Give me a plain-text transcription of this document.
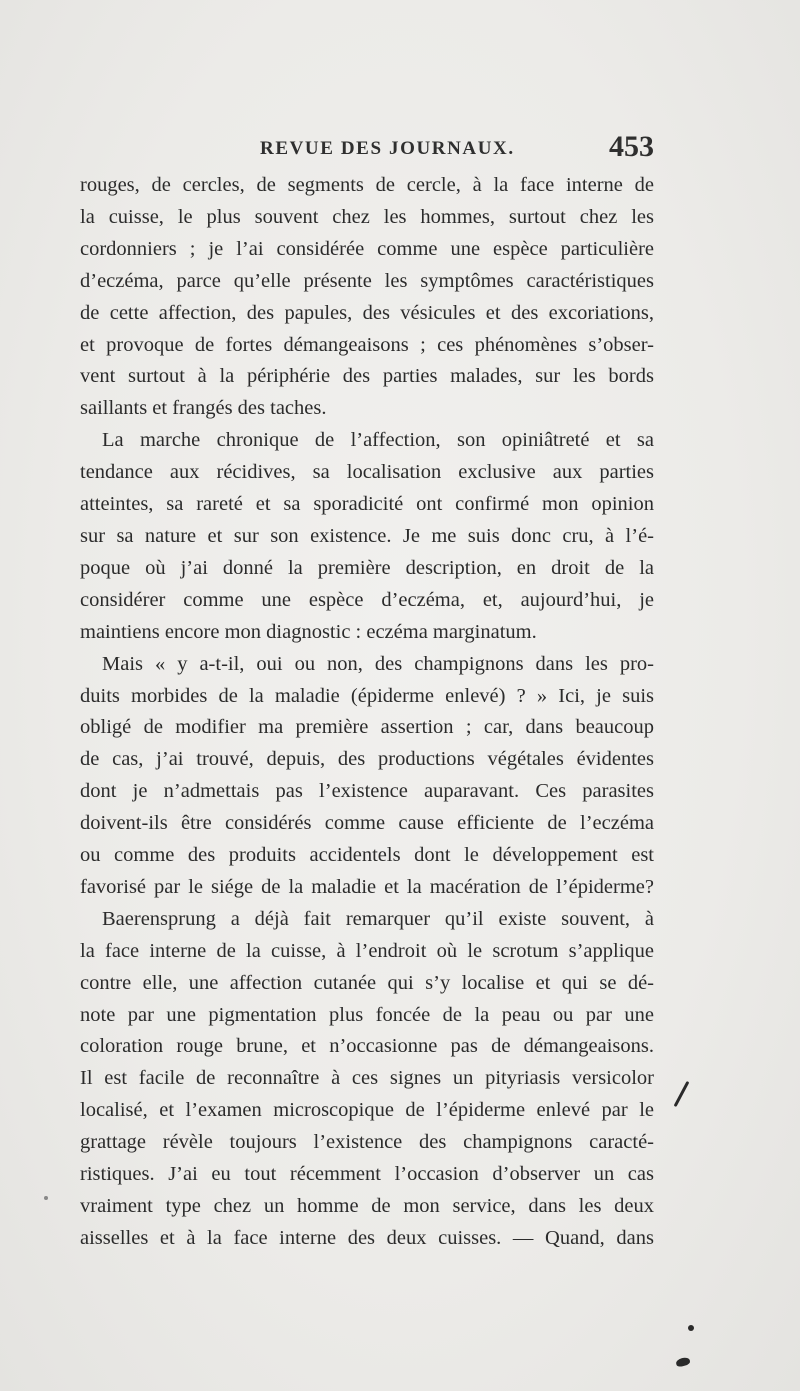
REVUE DES JOURNAUX.	453

rouges, de cercles, de segments de cercle, à la face interne de

la cuisse, le plus souvent chez les hommes, surtout chez les

cordonniers ; je l’ai considérée comme une espèce particulière

d’eczéma, parce qu’elle présente les symptômes caractéristiques

de cette affection, des papules, des vésicules et des excoriations,

et provoque de fortes démangeaisons ; ces phénomènes s’obser-

vent surtout à la périphérie des parties malades, sur les bords

saillants et frangés des taches.

La marche chronique de l’affection, son opiniâtreté et sa

tendance aux récidives, sa localisation exclusive aux parties

atteintes, sa rareté et sa sporadicité ont confirmé mon opinion

sur sa nature et sur son existence. Je me suis donc cru, à l’é-

poque où j’ai donné la première description, en droit de la

considérer comme une espèce d’eczéma, et, aujourd’hui, je

maintiens encore mon diagnostic : eczéma marginatum.

Mais « y a-t-il, oui ou non, des champignons dans les pro-

duits morbides de la maladie (épiderme enlevé) ? » Ici, je suis

obligé de modifier ma première assertion ; car, dans beaucoup

de cas, j’ai trouvé, depuis, des productions végétales évidentes

dont je n’admettais pas l’existence auparavant. Ces parasites

doivent-ils être considérés comme cause efficiente de l’eczéma

ou comme des produits accidentels dont le développement est

favorisé par le siége de la maladie et la macération de l’épiderme?

Baerensprung a déjà fait remarquer qu’il existe souvent, à

la face interne de la cuisse, à l’endroit où le scrotum s’applique

contre elle, une affection cutanée qui s’y localise et qui se dé-

note par une pigmentation plus foncée de la peau ou par une

coloration rouge brune, et n’occasionne pas de démangeaisons.

Il est facile de reconnaître à ces signes un pityriasis versicolor

localisé, et l’examen microscopique de l’épiderme enlevé par le

grattage révèle toujours l’existence des champignons caracté-

ristiques. J’ai eu tout récemment l’occasion d’observer un cas

vraiment type chez un homme de mon service, dans les deux

aisselles et à la face interne des deux cuisses. — Quand, dans
